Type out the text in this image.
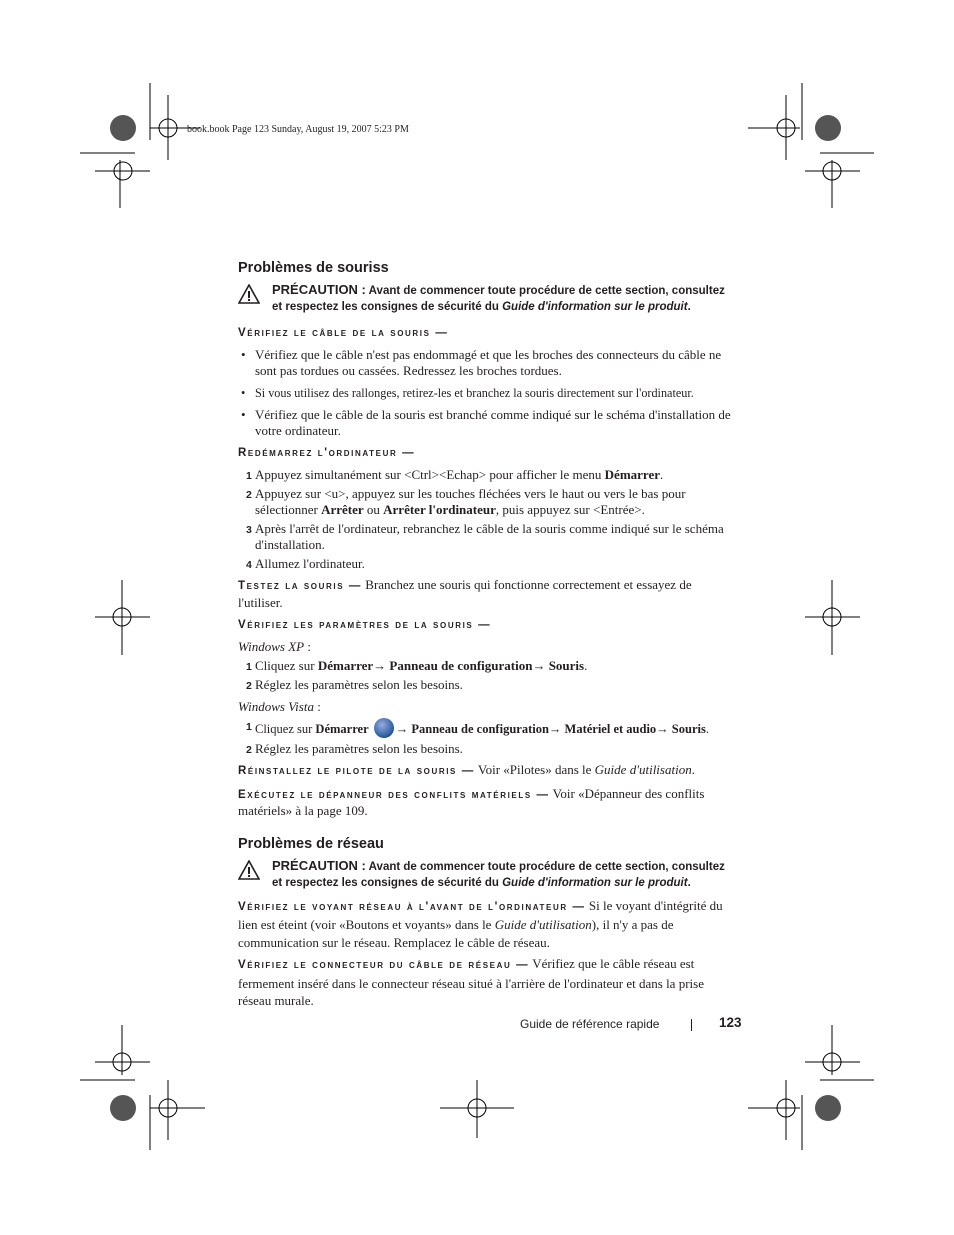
book.book Page 123 Sunday, August 19, 2007 5:23 PM
Problèmes de souriss
PRÉCAUTION : Avant de commencer toute procédure de cette section, consultez et respectez les consignes de sécurité du Guide d'information sur le produit.
Vérifiez le câble de la souris —
• Vérifiez que le câble n'est pas endommagé et que les broches des connecteurs du câble ne sont pas tordues ou cassées. Redressez les broches tordues.
• Si vous utilisez des rallonges, retirez-les et branchez la souris directement sur l'ordinateur.
• Vérifiez que le câble de la souris est branché comme indiqué sur le schéma d'installation de votre ordinateur.
Redémarrez l'ordinateur —
1 Appuyez simultanément sur <Ctrl><Echap> pour afficher le menu Démarrer.
2 Appuyez sur <u>, appuyez sur les touches fléchées vers le haut ou vers le bas pour sélectionner Arrêter ou Arrêter l'ordinateur, puis appuyez sur <Entrée>.
3 Après l'arrêt de l'ordinateur, rebranchez le câble de la souris comme indiqué sur le schéma d'installation.
4 Allumez l'ordinateur.
Testez la souris — Branchez une souris qui fonctionne correctement et essayez de l'utiliser.
Vérifiez les paramètres de la souris —
Windows XP :
1 Cliquez sur Démarrer→ Panneau de configuration→ Souris.
2 Réglez les paramètres selon les besoins.
Windows Vista :
1 Cliquez sur Démarrer → Panneau de configuration→ Matériel et audio→ Souris.
2 Réglez les paramètres selon les besoins.
Réinstallez le pilote de la souris — Voir «Pilotes» dans le Guide d'utilisation.
Exécutez le dépanneur des conflits matériels — Voir «Dépanneur des conflits matériels» à la page 109.
Problèmes de réseau
PRÉCAUTION : Avant de commencer toute procédure de cette section, consultez et respectez les consignes de sécurité du Guide d'information sur le produit.
Vérifiez le voyant réseau à l'avant de l'ordinateur — Si le voyant d'intégrité du lien est éteint (voir «Boutons et voyants» dans le Guide d'utilisation), il n'y a pas de communication sur le réseau. Remplacez le câble de réseau.
Vérifiez le connecteur du câble de réseau — Vérifiez que le câble réseau est fermement inséré dans le connecteur réseau situé à l'arrière de l'ordinateur et dans la prise réseau murale.
Guide de référence rapide	123
